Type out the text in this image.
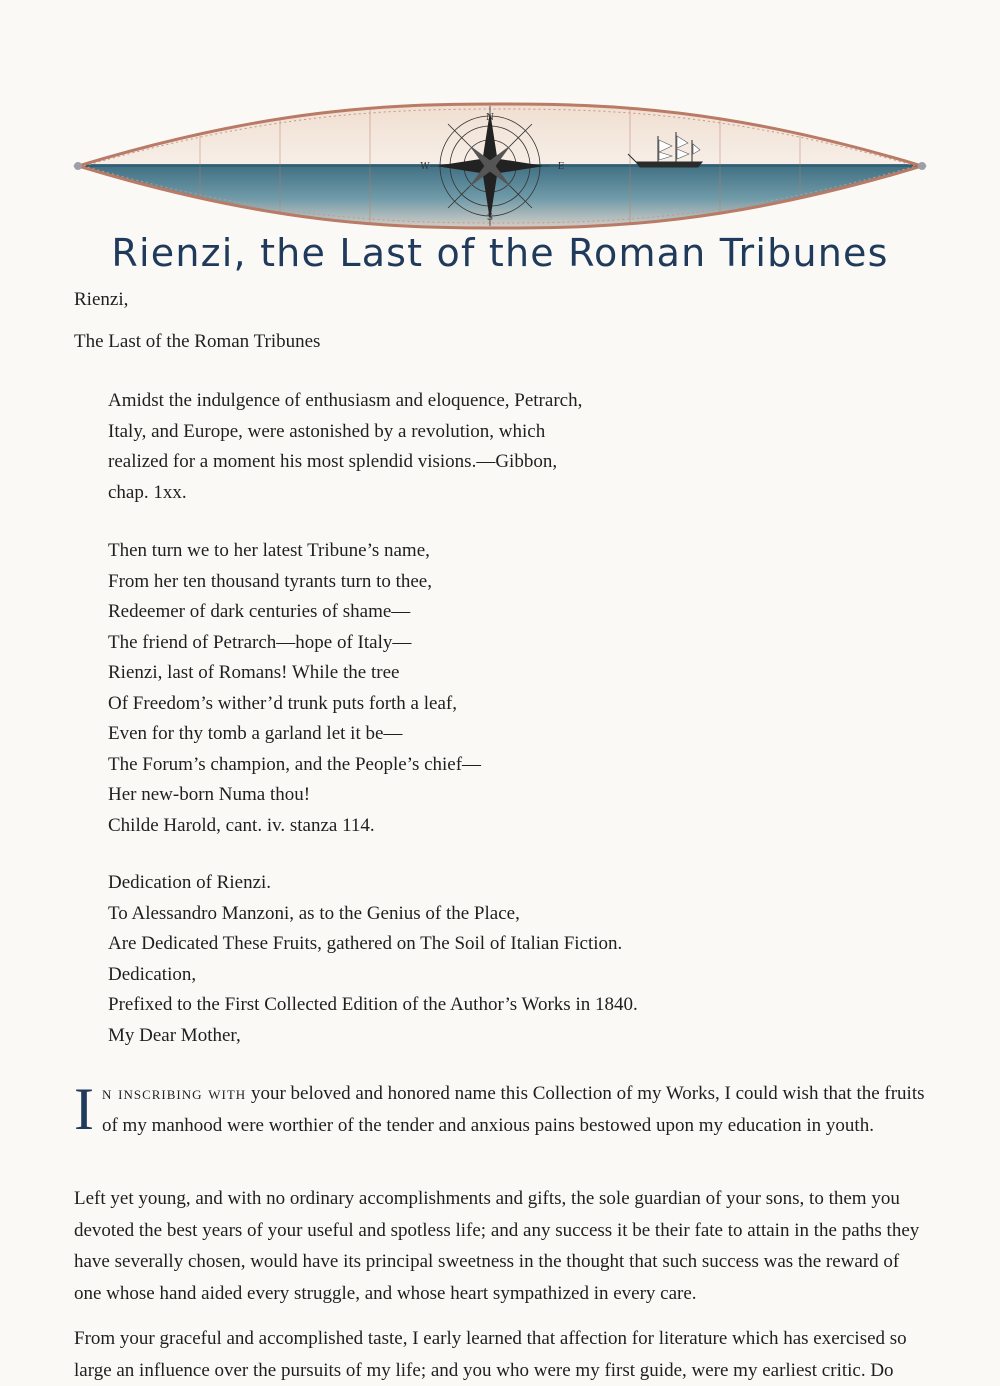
N
E
S
W
Rienzi, the Last of the Roman Tribunes

Rienzi,

The Last of the Roman Tribunes

Amidst the indulgence of enthusiasm and eloquence, Petrarch,
Italy, and Europe, were astonished by a revolution, which
realized for a moment his most splendid visions.—Gibbon,
chap. 1xx.
Then turn we to her latest Tribune’s name,
From her ten thousand tyrants turn to thee,
Redeemer of dark centuries of shame—
The friend of Petrarch—hope of Italy—
Rienzi, last of Romans! While the tree
Of Freedom’s wither’d trunk puts forth a leaf,
Even for thy tomb a garland let it be—
The Forum’s champion, and the People’s chief—
Her new-born Numa thou!
Childe Harold, cant. iv. stanza 114.
Dedication of Rienzi.
To Alessandro Manzoni, as to the Genius of the Place,
Are Dedicated These Fruits, gathered on The Soil of Italian Fiction.
Dedication,
Prefixed to the First Collected Edition of the Author’s Works in 1840.
My Dear Mother,

In inscribing with your beloved and honored name this Collection of my Works, I could wish that the fruits of my manhood were worthier of the tender and anxious pains bestowed upon my education in youth.

Left yet young, and with no ordinary accomplishments and gifts, the sole guardian of your sons, to them you devoted the best years of your useful and spotless life; and any success it be their fate to attain in the paths they have severally chosen, would have its principal sweetness in the thought that such success was the reward of one whose hand aided every struggle, and whose heart sympathized in every care.

From your graceful and accomplished taste, I early learned that affection for literature which has exercised so large an influence over the pursuits of my life; and you who were my first guide, were my earliest critic. Do
